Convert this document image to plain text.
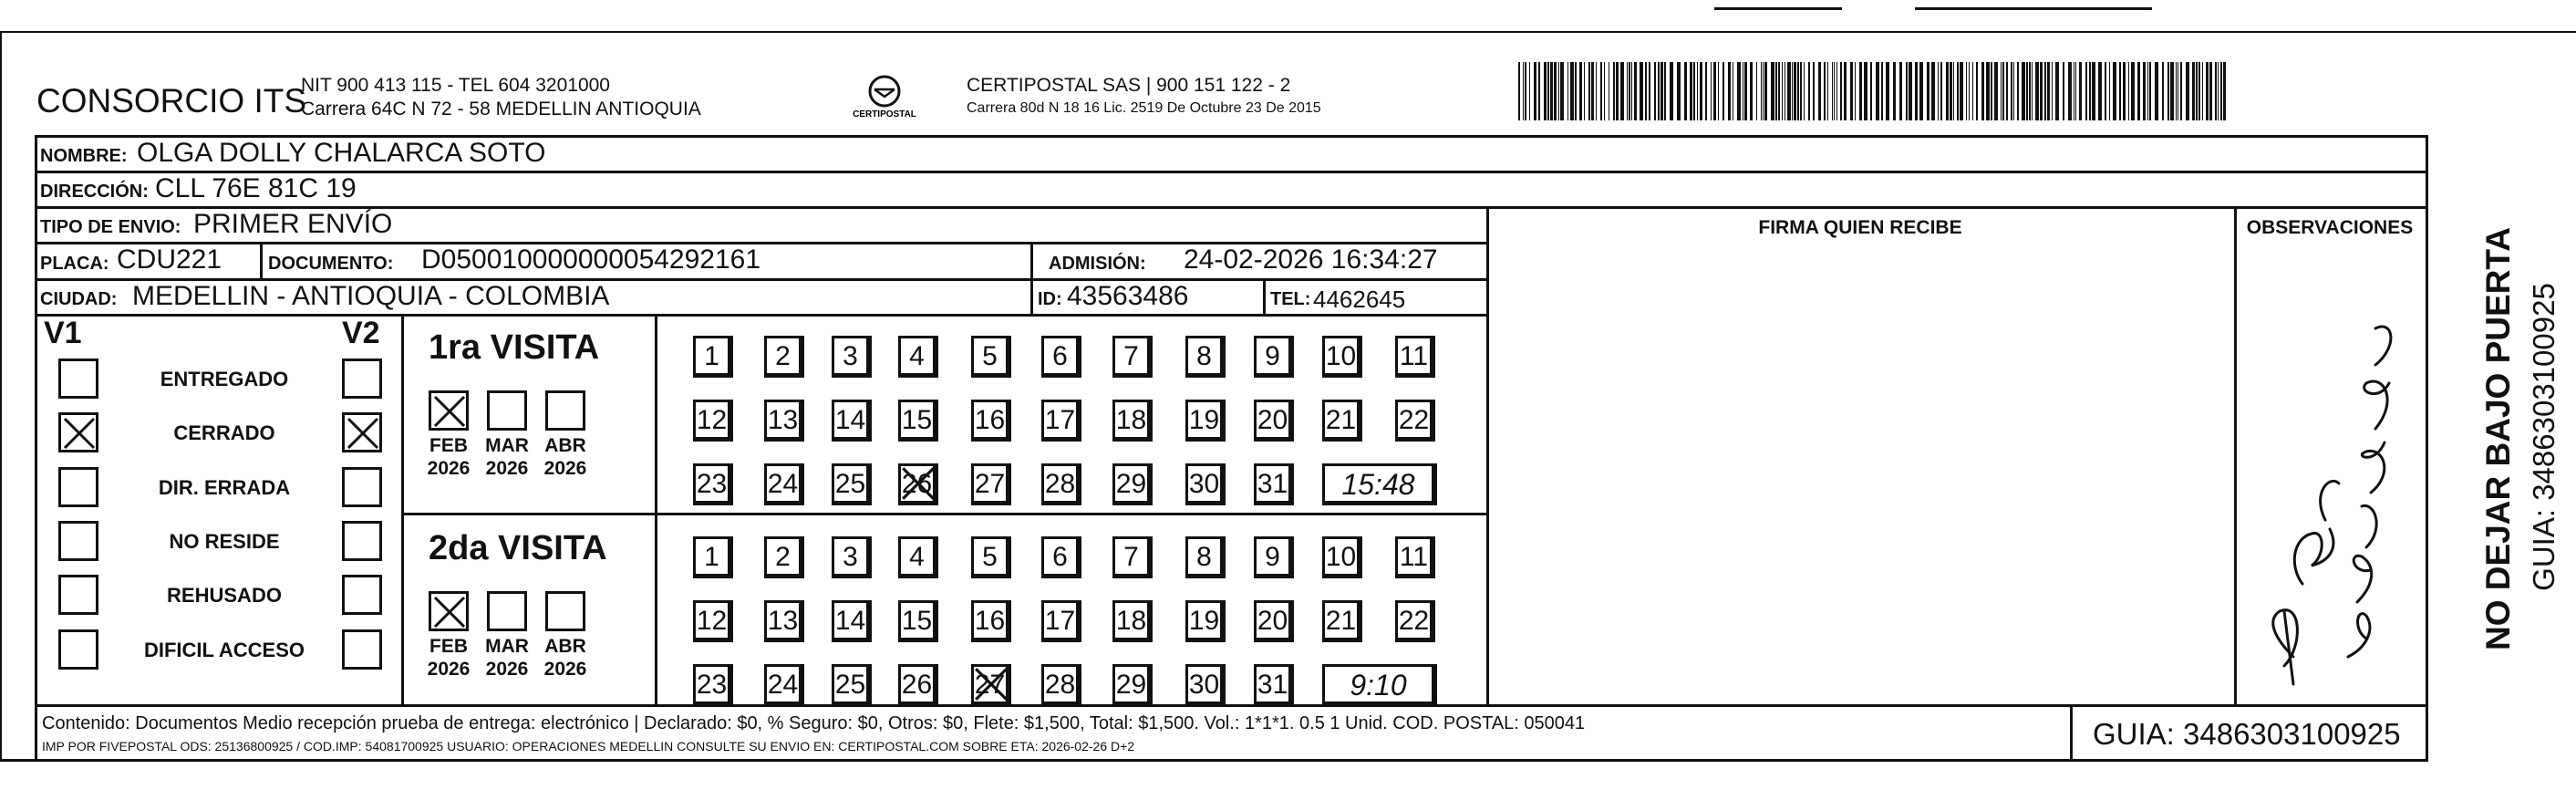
CONSORCIO ITS
NIT 900 413 115 - TEL 604 3201000
Carrera 64C N 72 - 58 MEDELLIN ANTIOQUIA	CERTIPOSTAL
CERTIPOSTAL SAS | 900 151 122 - 2
Carrera 80d N 18 16 Lic. 2519 De Octubre 23 De 2015
NOMBRE: OLGA DOLLY CHALARCA SOTO
DIRECCIÓN: CLL 76E 81C 19
TIPO DE ENVIO: PRIMER ENVÍO
PLACA: CDU221	DOCUMENTO: D050010000000054292161	ADMISIÓN: 24-02-2026 16:34:27
CIUDAD: MEDELLIN - ANTIOQUIA - COLOMBIA	ID: 43563486	TEL: 4462645
FIRMA QUIEN RECIBE	OBSERVACIONES
V1	V2
ENTREGADO
CERRADO
DIR. ERRADA
NO RESIDE
REHUSADO
DIFICIL ACCESO
1ra VISITA
FEB
2026
MAR
2026
ABR
2026
1	2	3	4	5	6	7	8	9	10 11
12 13 14 15 16 17 18 19 20 21 22
23 24 25 26 27 28 29 30 31	15:48
2da VISITA
FEB
2026
MAR
2026
ABR
2026
1	2	3	4	5	6	7	8	9	10 11
12 13 14 15 16 17 18 19 20 21 22
23 24 25 26 27 28 29 30 31	9:10
NO DEJAR BAJO PUERTA GUIA: 3486303100925
Contenido: Documentos Medio recepción prueba de entrega: electrónico | Declarado: $0, % Seguro: $0, Otros: $0, Flete: $1,500, Total: $1,500. Vol.: 1*1*1. 0.5 1 Unid. COD. POSTAL: 050041
IMP POR FIVEPOSTAL ODS: 25136800925 / COD.IMP: 54081700925 USUARIO: OPERACIONES MEDELLIN CONSULTE SU ENVIO EN: CERTIPOSTAL.COM SOBRE ETA: 2026-02-26 D+2	GUIA: 3486303100925
